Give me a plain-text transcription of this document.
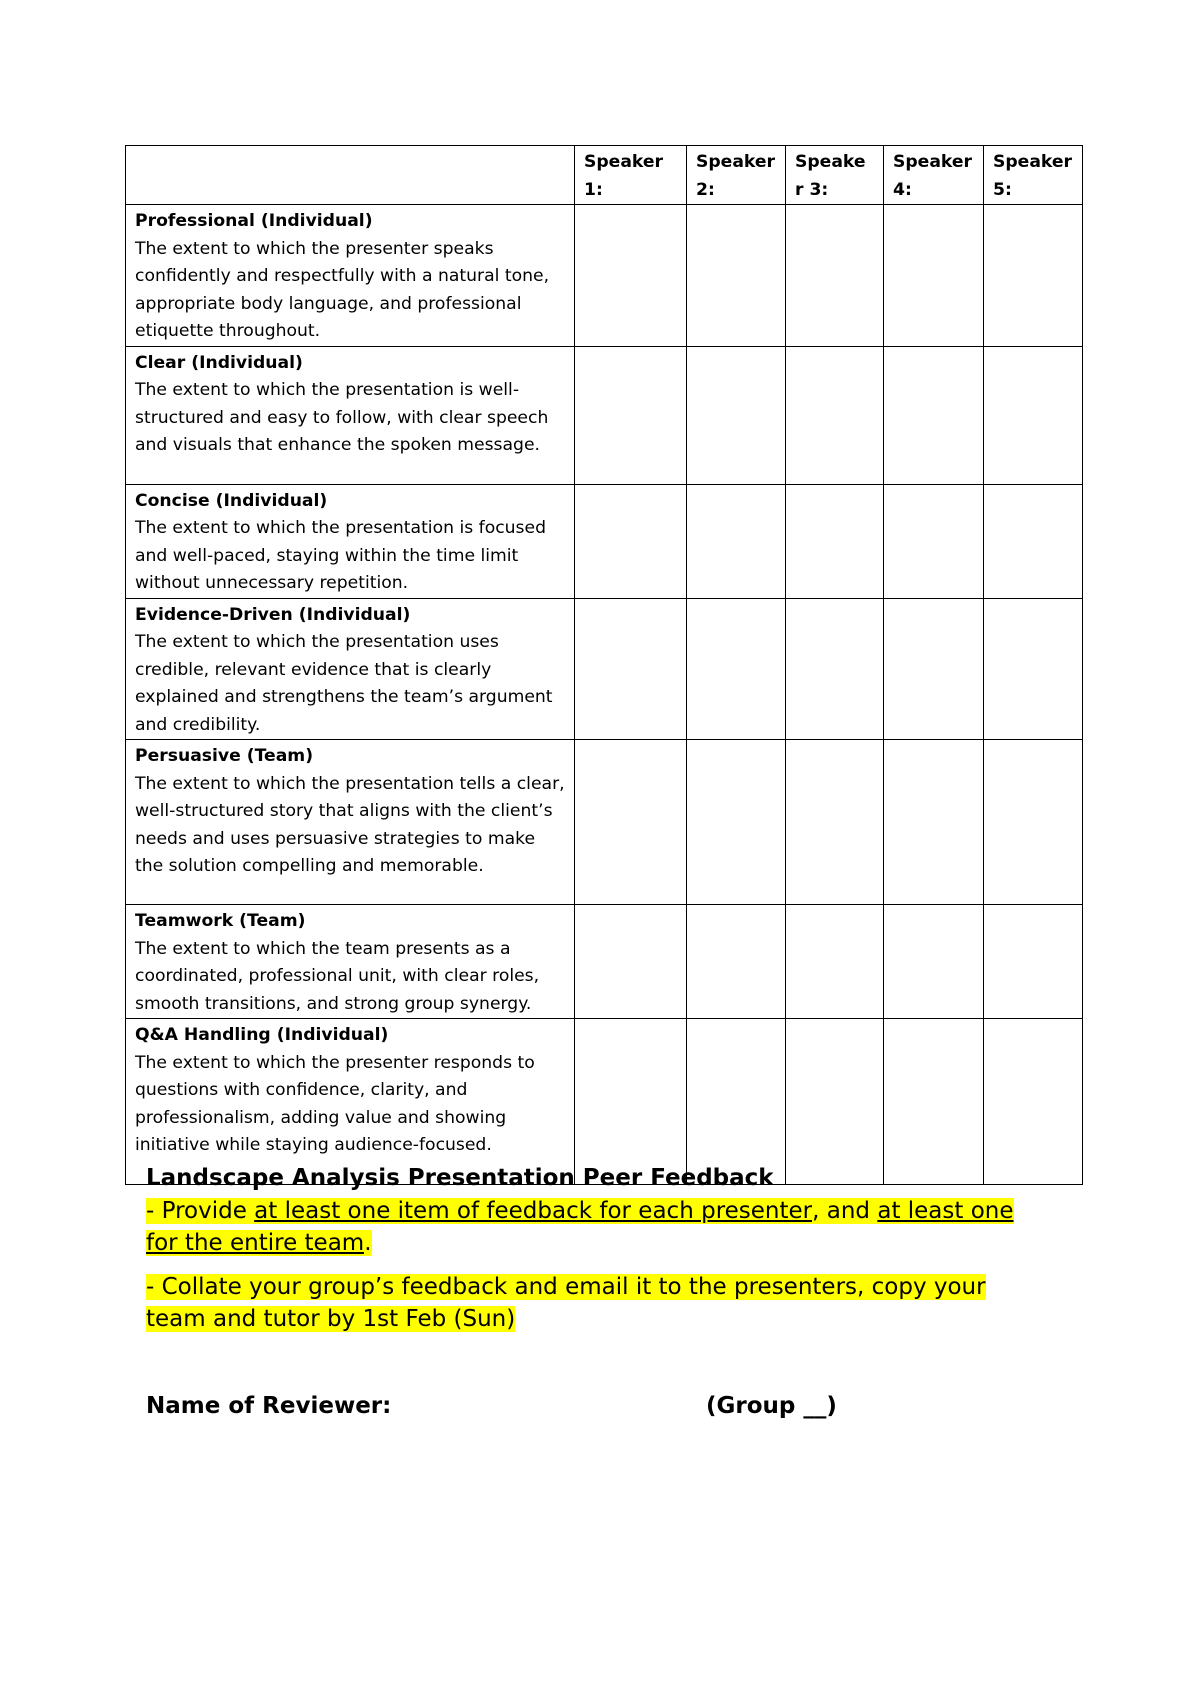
	Speaker 1:	Speaker 2:	Speaker 3:	Speaker 4:	Speaker 5:

Professional (Individual)
The extent to which the presenter speaks confidently and respectfully with a natural tone, appropriate body language, and professional etiquette throughout.					

Clear (Individual)
The extent to which the presentation is well-structured and easy to follow, with clear speech and visuals that enhance the spoken message.					

Concise (Individual)
The extent to which the presentation is focused and well-paced, staying within the time limit without unnecessary repetition.					

Evidence-Driven (Individual)
The extent to which the presentation uses credible, relevant evidence that is clearly explained and strengthens the team’s argument and credibility.					

Persuasive (Team)
The extent to which the presentation tells a clear, well-structured story that aligns with the client’s needs and uses persuasive strategies to make the solution compelling and memorable.					

Teamwork (Team)
The extent to which the team presents as a coordinated, professional unit, with clear roles, smooth transitions, and strong group synergy.					

Q&A Handling (Individual)
The extent to which the presenter responds to questions with confidence, clarity, and professionalism, adding value and showing initiative while staying audience-focused.					

Landscape Analysis Presentation Peer Feedback

- Provide at least one item of feedback for each presenter, and at least one for the entire team.

- Collate your group’s feedback and email it to the presenters, copy your team and tutor by 1st Feb (Sun)

Name of Reviewer:	(Group __)
